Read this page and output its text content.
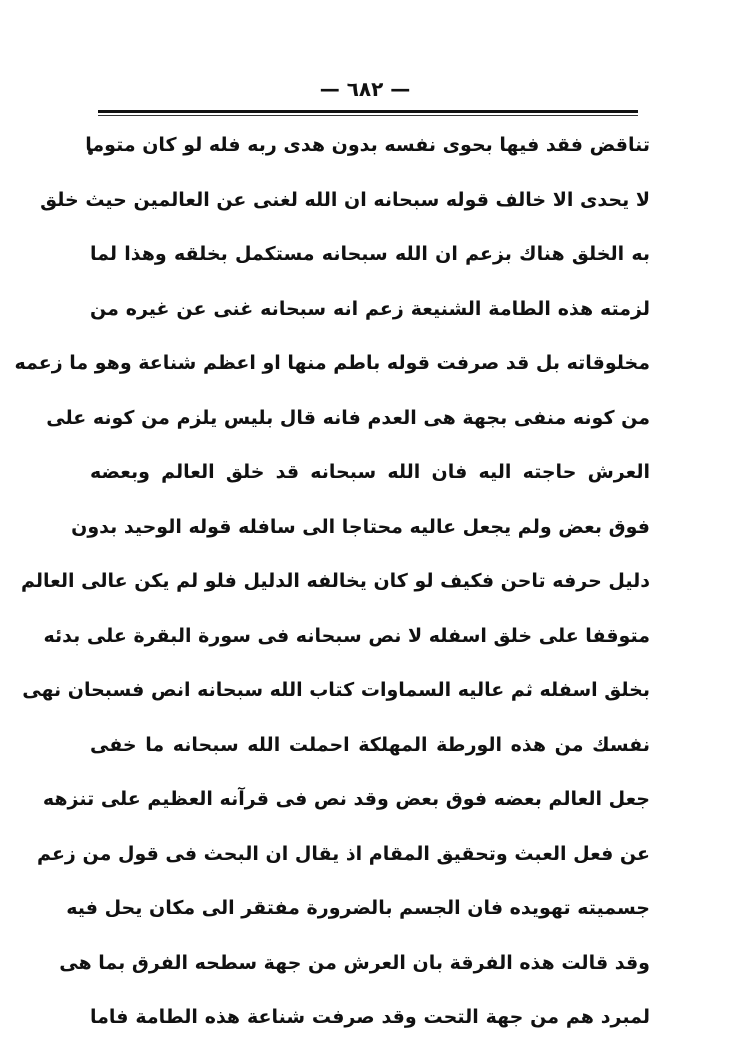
— ٦٨٢ —
تناقض فقد فيها بحوى نفسه بدون هدى ربه فله لو كان متوما
لا يحدى الا خالف قوله سبحانه ان الله لغنى عن العالمين حيث خلق
به الخلق هناك بزعم ان الله سبحانه مستكمل بخلقه وهذا لما
لزمته هذه الطامة الشنيعة زعم انه سبحانه غنى عن غيره من
مخلوقاته بل قد صرفت قوله باطم منها او اعظم شناعة وهو ما زعمه
من كونه منفى بجهة هى العدم فانه قال بليس يلزم من كونه على
العرش حاجته اليه فان الله سبحانه قد خلق العالم وبعضه
فوق بعض ولم يجعل عاليه محتاجا الى سافله قوله الوحيد بدون
دليل حرفه تاحن فكيف لو كان يخالفه الدليل فلو لم يكن عالى العالم
متوقفا على خلق اسفله لا نص سبحانه فى سورة البقرة على بدئه
بخلق اسفله ثم عاليه السماوات كتاب الله سبحانه انص فسبحان نهى
نفسك من هذه الورطة المهلكة احملت الله سبحانه ما خفى
جعل العالم بعضه فوق بعض وقد نص فى قرآنه العظيم على تنزهه
عن فعل العبث وتحقيق المقام اذ يقال ان البحث فى قول من زعم
جسميته تهويده فان الجسم بالضرورة مفتقر الى مكان يحل فيه
وقد قالت هذه الفرقة بان العرش من جهة سطحه الفرق بما هى
لمبرد هم من جهة التحت وقد صرفت شناعة هذه الطامة فاما
